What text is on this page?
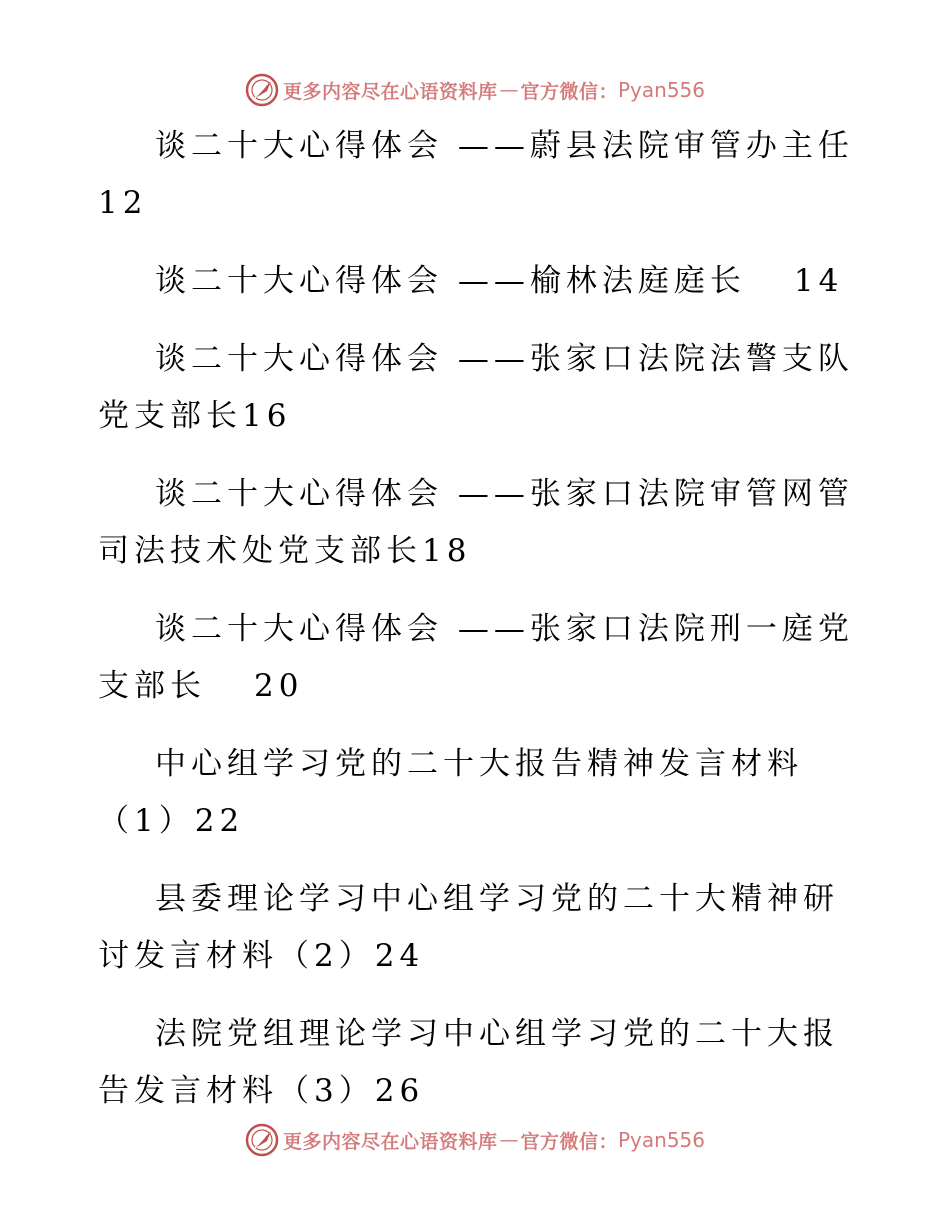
更多内容尽在心语资料库 — 官方微信： Pyan556

谈二十大心得体会 ——蔚县法院审管办主任12

谈二十大心得体会 ——榆林法庭庭长 14

谈二十大心得体会 ——张家口法院法警支队党支部长16

谈二十大心得体会 ——张家口法院审管网管司法技术处党支部长18

谈二十大心得体会 ——张家口法院刑一庭党支部长 20

中心组学习党的二十大报告精神发言材料（1）22

县委理论学习中心组学习党的二十大精神研讨发言材料（2）24

法院党组理论学习中心组学习党的二十大报告发言材料（3）26

更多内容尽在心语资料库 — 官方微信： Pyan556
